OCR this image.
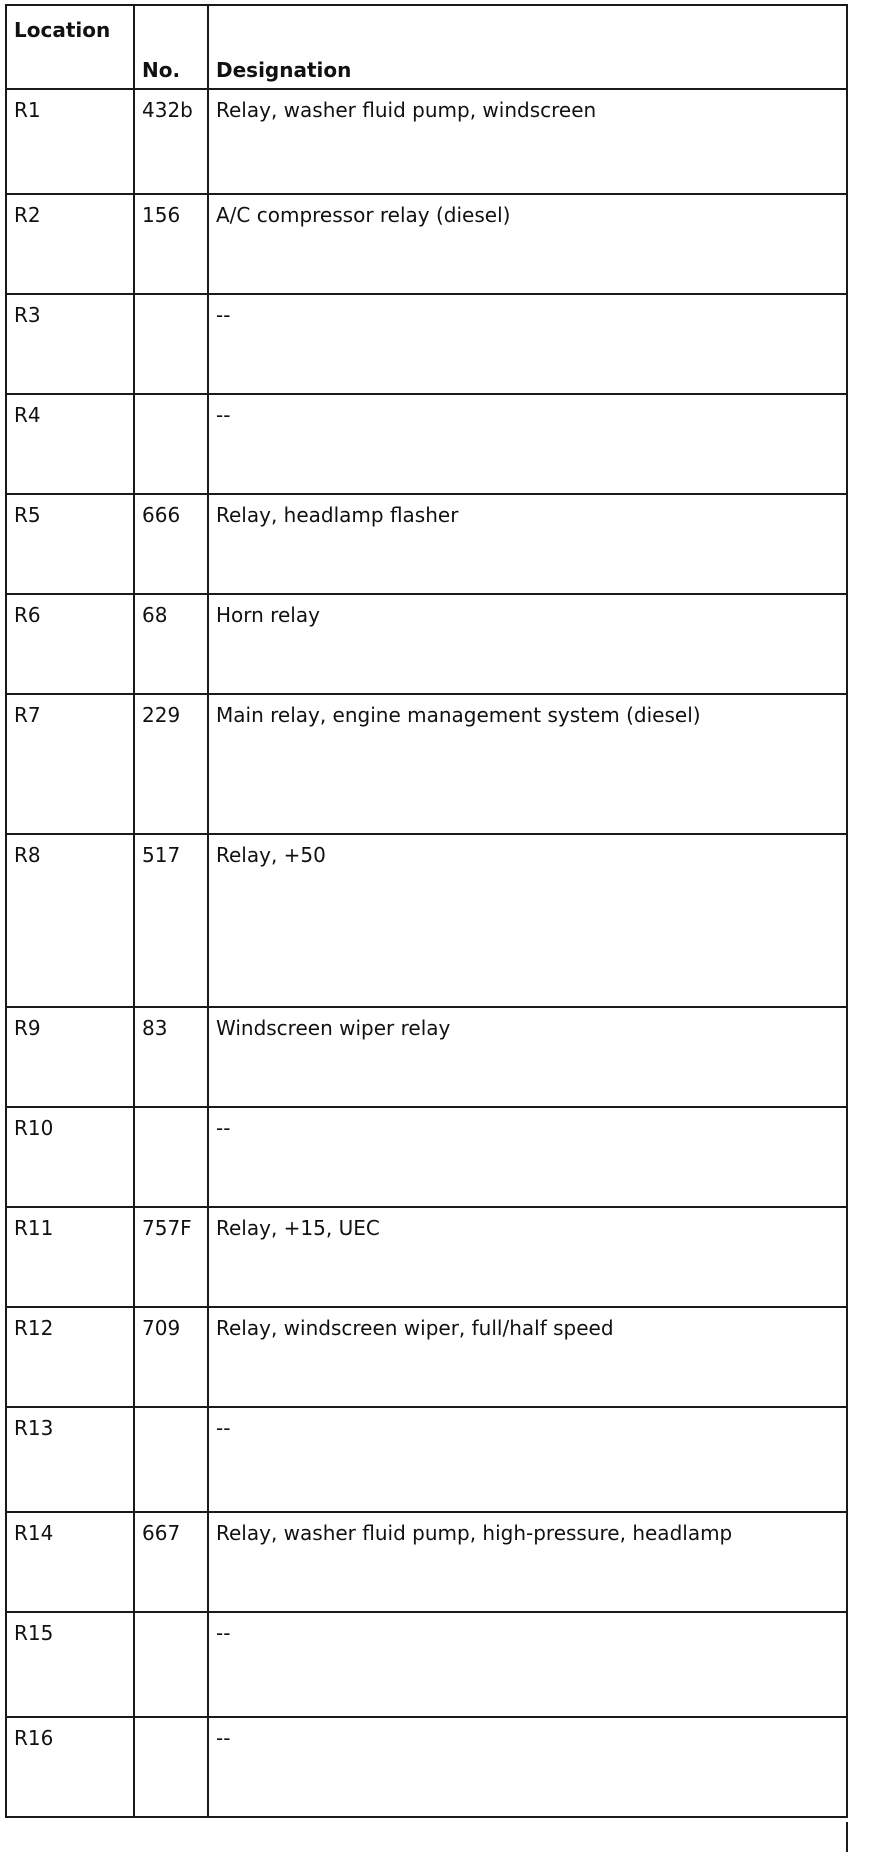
Location	No.	Designation
R1	432b	Relay, washer fluid pump, windscreen
R2	156	A/C compressor relay (diesel)
R3		--
R4		--
R5	666	Relay, headlamp flasher
R6	68	Horn relay
R7	229	Main relay, engine management system (diesel)
R8	517	Relay, +50
R9	83	Windscreen wiper relay
R10		--
R11	757F	Relay, +15, UEC
R12	709	Relay, windscreen wiper, full/half speed
R13		--
R14	667	Relay, washer fluid pump, high-pressure, headlamp
R15		--
R16		--
